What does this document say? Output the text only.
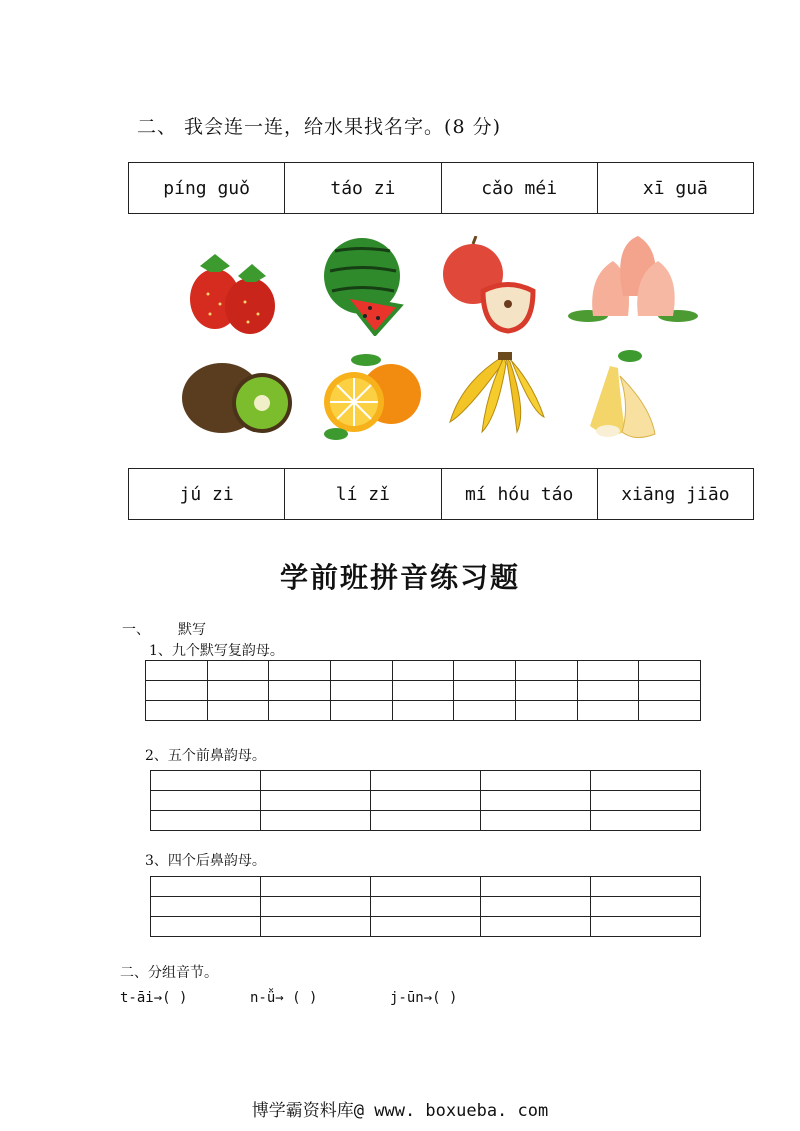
二、 我会连一连，给水果找名字。(8 分)
píng guǒ	táo zi	cǎo méi	xī guā
jú zi	lí zǐ	mí hóu táo	xiāng jiāo
学前班拼音练习题
一、 默写
1、九个默写复韵母。

2、五个前鼻韵母。

3、四个后鼻韵母。

二、分组音节。
t-āi→( )	n-ǚ→ ( )	j-ūn→( )
博学霸资料库@ www. boxueba. com
